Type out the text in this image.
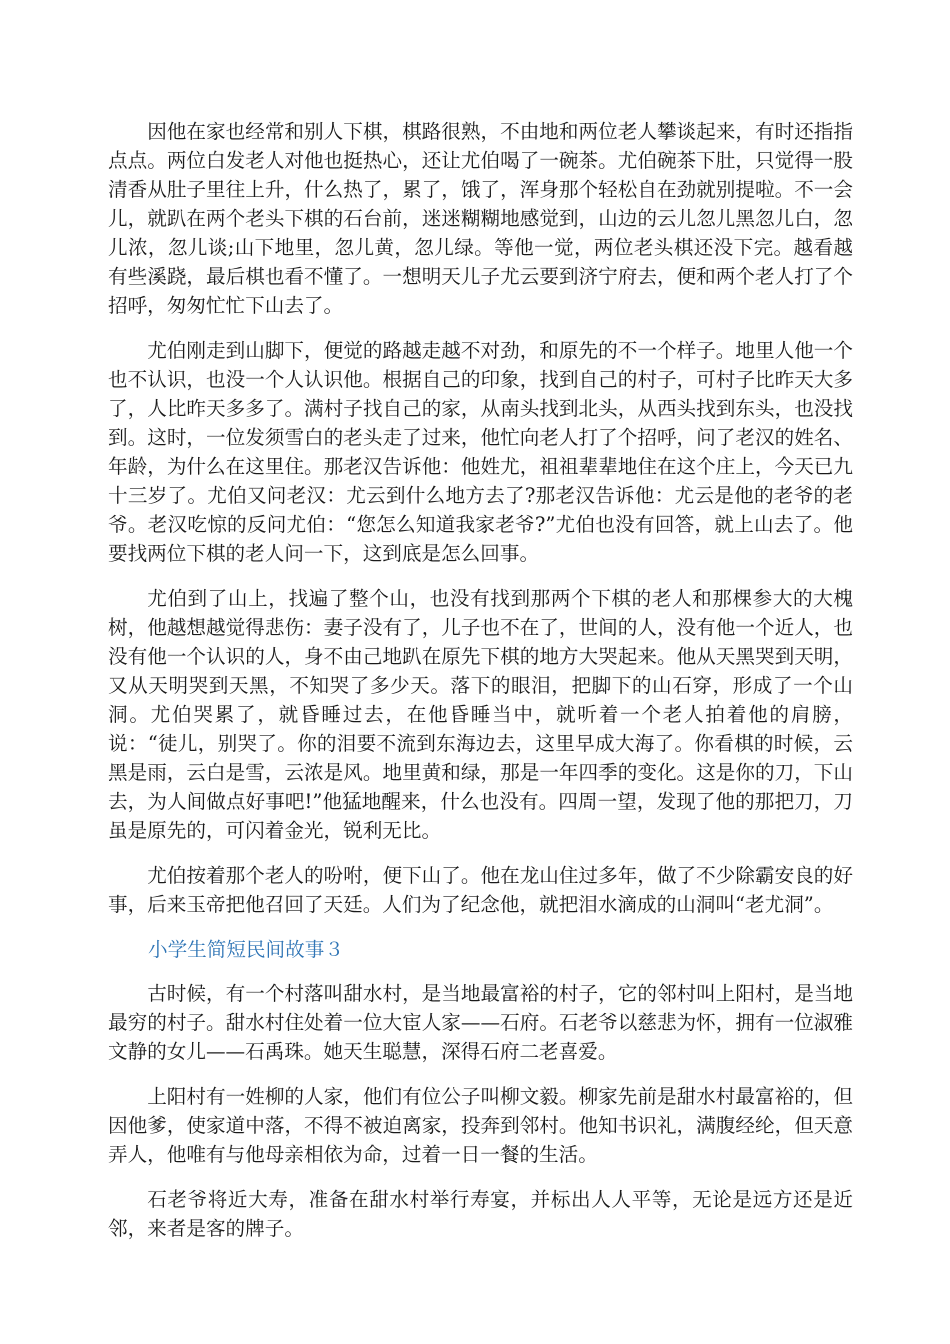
因他在家也经常和别人下棋，棋路很熟，不由地和两位老人攀谈起来，有时还指指点点。两位白发老人对他也挺热心，还让尤伯喝了一碗茶。尤伯碗茶下肚，只觉得一股清香从肚子里往上升，什么热了，累了，饿了，浑身那个轻松自在劲就别提啦。不一会儿，就趴在两个老头下棋的石台前，迷迷糊糊地感觉到，山边的云儿忽儿黑忽儿白，忽儿浓，忽儿谈;山下地里，忽儿黄，忽儿绿。等他一觉，两位老头棋还没下完。越看越有些溪跷，最后棋也看不懂了。一想明天儿子尤云要到济宁府去，便和两个老人打了个招呼，匆匆忙忙下山去了。

尤伯刚走到山脚下，便觉的路越走越不对劲，和原先的不一个样子。地里人他一个也不认识，也没一个人认识他。根据自己的印象，找到自己的村子，可村子比昨天大多了，人比昨天多多了。满村子找自己的家，从南头找到北头，从西头找到东头，也没找到。这时，一位发须雪白的老头走了过来，他忙向老人打了个招呼，问了老汉的姓名、年龄，为什么在这里住。那老汉告诉他：他姓尤，祖祖辈辈地住在这个庄上，今天已九十三岁了。尤伯又问老汉：尤云到什么地方去了?那老汉告诉他：尤云是他的老爷的老爷。老汉吃惊的反问尤伯：“您怎么知道我家老爷?”尤伯也没有回答，就上山去了。他要找两位下棋的老人问一下，这到底是怎么回事。

尤伯到了山上，找遍了整个山，也没有找到那两个下棋的老人和那棵参大的大槐树，他越想越觉得悲伤：妻子没有了，儿子也不在了，世间的人，没有他一个近人，也没有他一个认识的人，身不由己地趴在原先下棋的地方大哭起来。他从天黑哭到天明，又从天明哭到天黑，不知哭了多少天。落下的眼泪，把脚下的山石穿，形成了一个山洞。尤伯哭累了，就昏睡过去，在他昏睡当中，就听着一个老人拍着他的肩膀，说：“徒儿，别哭了。你的泪要不流到东海边去，这里早成大海了。你看棋的时候，云黑是雨，云白是雪，云浓是风。地里黄和绿，那是一年四季的变化。这是你的刀，下山去，为人间做点好事吧!”他猛地醒来，什么也没有。四周一望，发现了他的那把刀，刀虽是原先的，可闪着金光，锐利无比。

尤伯按着那个老人的吩咐，便下山了。他在龙山住过多年，做了不少除霸安良的好事，后来玉帝把他召回了天廷。人们为了纪念他，就把泪水滴成的山洞叫“老尤洞”。

小学生简短民间故事３

古时候，有一个村落叫甜水村，是当地最富裕的村子，它的邻村叫上阳村，是当地最穷的村子。甜水村住处着一位大宦人家——石府。石老爷以慈悲为怀，拥有一位淑雅文静的女儿——石禹珠。她天生聪慧，深得石府二老喜爱。

上阳村有一姓柳的人家，他们有位公子叫柳文毅。柳家先前是甜水村最富裕的，但因他爹，使家道中落，不得不被迫离家，投奔到邻村。他知书识礼，满腹经纶，但天意弄人，他唯有与他母亲相依为命，过着一日一餐的生活。

石老爷将近大寿，准备在甜水村举行寿宴，并标出人人平等，无论是远方还是近邻，来者是客的牌子。
